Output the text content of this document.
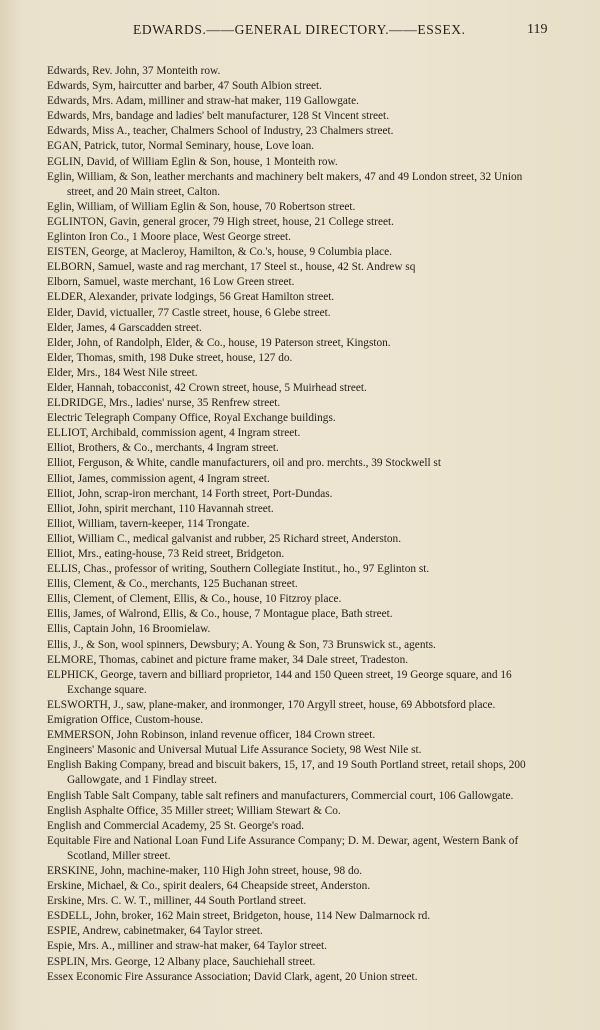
EDWARDS.——GENERAL DIRECTORY.——ESSEX.	119
Edwards, Rev. John, 37 Monteith row.
Edwards, Sym, haircutter and barber, 47 South Albion street.
Edwards, Mrs. Adam, milliner and straw-hat maker, 119 Gallowgate.
Edwards, Mrs, bandage and ladies' belt manufacturer, 128 St Vincent street.
Edwards, Miss A., teacher, Chalmers School of Industry, 23 Chalmers street.
EGAN, Patrick, tutor, Normal Seminary, house, Love loan.
EGLIN, David, of William Eglin & Son, house, 1 Monteith row.
Eglin, William, & Son, leather merchants and machinery belt makers, 47 and 49 London street, 32 Union street, and 20 Main street, Calton.
Eglin, William, of William Eglin & Son, house, 70 Robertson street.
EGLINTON, Gavin, general grocer, 79 High street, house, 21 College street.
Eglinton Iron Co., 1 Moore place, West George street.
EISTEN, George, at Macleroy, Hamilton, & Co.'s, house, 9 Columbia place.
ELBORN, Samuel, waste and rag merchant, 17 Steel st., house, 42 St. Andrew sq
Elborn, Samuel, waste merchant, 16 Low Green street.
ELDER, Alexander, private lodgings, 56 Great Hamilton street.
Elder, David, victualler, 77 Castle street, house, 6 Glebe street.
Elder, James, 4 Garscadden street.
Elder, John, of Randolph, Elder, & Co., house, 19 Paterson street, Kingston.
Elder, Thomas, smith, 198 Duke street, house, 127 do.
Elder, Mrs., 184 West Nile street.
Elder, Hannah, tobacconist, 42 Crown street, house, 5 Muirhead street.
ELDRIDGE, Mrs., ladies' nurse, 35 Renfrew street.
Electric Telegraph Company Office, Royal Exchange buildings.
ELLIOT, Archibald, commission agent, 4 Ingram street.
Elliot, Brothers, & Co., merchants, 4 Ingram street.
Elliot, Ferguson, & White, candle manufacturers, oil and pro. merchts., 39 Stockwell st
Elliot, James, commission agent, 4 Ingram street.
Elliot, John, scrap-iron merchant, 14 Forth street, Port-Dundas.
Elliot, John, spirit merchant, 110 Havannah street.
Elliot, William, tavern-keeper, 114 Trongate.
Elliot, William C., medical galvanist and rubber, 25 Richard street, Anderston.
Elliot, Mrs., eating-house, 73 Reid street, Bridgeton.
ELLIS, Chas., professor of writing, Southern Collegiate Institut., ho., 97 Eglinton st.
Ellis, Clement, & Co., merchants, 125 Buchanan street.
Ellis, Clement, of Clement, Ellis, & Co., house, 10 Fitzroy place.
Ellis, James, of Walrond, Ellis, & Co., house, 7 Montague place, Bath street.
Ellis, Captain John, 16 Broomielaw.
Ellis, J., & Son, wool spinners, Dewsbury; A. Young & Son, 73 Brunswick st., agents.
ELMORE, Thomas, cabinet and picture frame maker, 34 Dale street, Tradeston.
ELPHICK, George, tavern and billiard proprietor, 144 and 150 Queen street, 19 George square, and 16 Exchange square.
ELSWORTH, J., saw, plane-maker, and ironmonger, 170 Argyll street, house, 69 Abbotsford place.
Emigration Office, Custom-house.
EMMERSON, John Robinson, inland revenue officer, 184 Crown street.
Engineers' Masonic and Universal Mutual Life Assurance Society, 98 West Nile st.
English Baking Company, bread and biscuit bakers, 15, 17, and 19 South Portland street, retail shops, 200 Gallowgate, and 1 Findlay street.
English Table Salt Company, table salt refiners and manufacturers, Commercial court, 106 Gallowgate.
English Asphalte Office, 35 Miller street; William Stewart & Co.
English and Commercial Academy, 25 St. George's road.
Equitable Fire and National Loan Fund Life Assurance Company; D. M. Dewar, agent, Western Bank of Scotland, Miller street.
ERSKINE, John, machine-maker, 110 High John street, house, 98 do.
Erskine, Michael, & Co., spirit dealers, 64 Cheapside street, Anderston.
Erskine, Mrs. C. W. T., milliner, 44 South Portland street.
ESDELL, John, broker, 162 Main street, Bridgeton, house, 114 New Dalmarnock rd.
ESPIE, Andrew, cabinetmaker, 64 Taylor street.
Espie, Mrs. A., milliner and straw-hat maker, 64 Taylor street.
ESPLIN, Mrs. George, 12 Albany place, Sauchiehall street.
Essex Economic Fire Assurance Association; David Clark, agent, 20 Union street.
